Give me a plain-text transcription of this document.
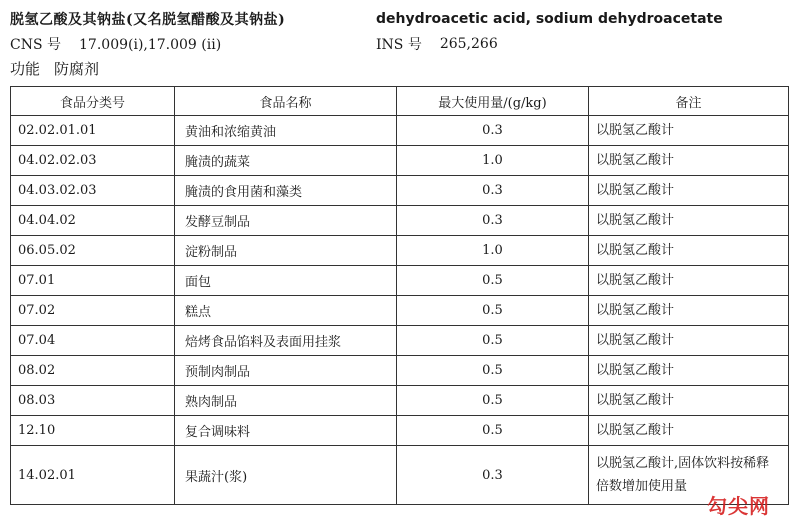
脱氢乙酸及其钠盐(又名脱氢醋酸及其钠盐)	dehydroacetic acid, sodium dehydroacetate
CNS 号 17.009(i),17.009 (ii)	INS 号 265,266
功能 防腐剂
食品分类号	食品名称	最大使用量/(g/kg)	备注
02.02.01.01	黄油和浓缩黄油	0.3	以脱氢乙酸计
04.02.02.03	腌渍的蔬菜	1.0	以脱氢乙酸计
04.03.02.03	腌渍的食用菌和藻类	0.3	以脱氢乙酸计
04.04.02	发酵豆制品	0.3	以脱氢乙酸计
06.05.02	淀粉制品	1.0	以脱氢乙酸计
07.01	面包	0.5	以脱氢乙酸计
07.02	糕点	0.5	以脱氢乙酸计
07.04	焙烤食品馅料及表面用挂浆	0.5	以脱氢乙酸计
08.02	预制肉制品	0.5	以脱氢乙酸计
08.03	熟肉制品	0.5	以脱氢乙酸计
12.10	复合调味料	0.5	以脱氢乙酸计
14.02.01	果蔬汁(浆)	0.3	以脱氢乙酸计,固体饮料按稀释倍数增加使用量
勾尖网
